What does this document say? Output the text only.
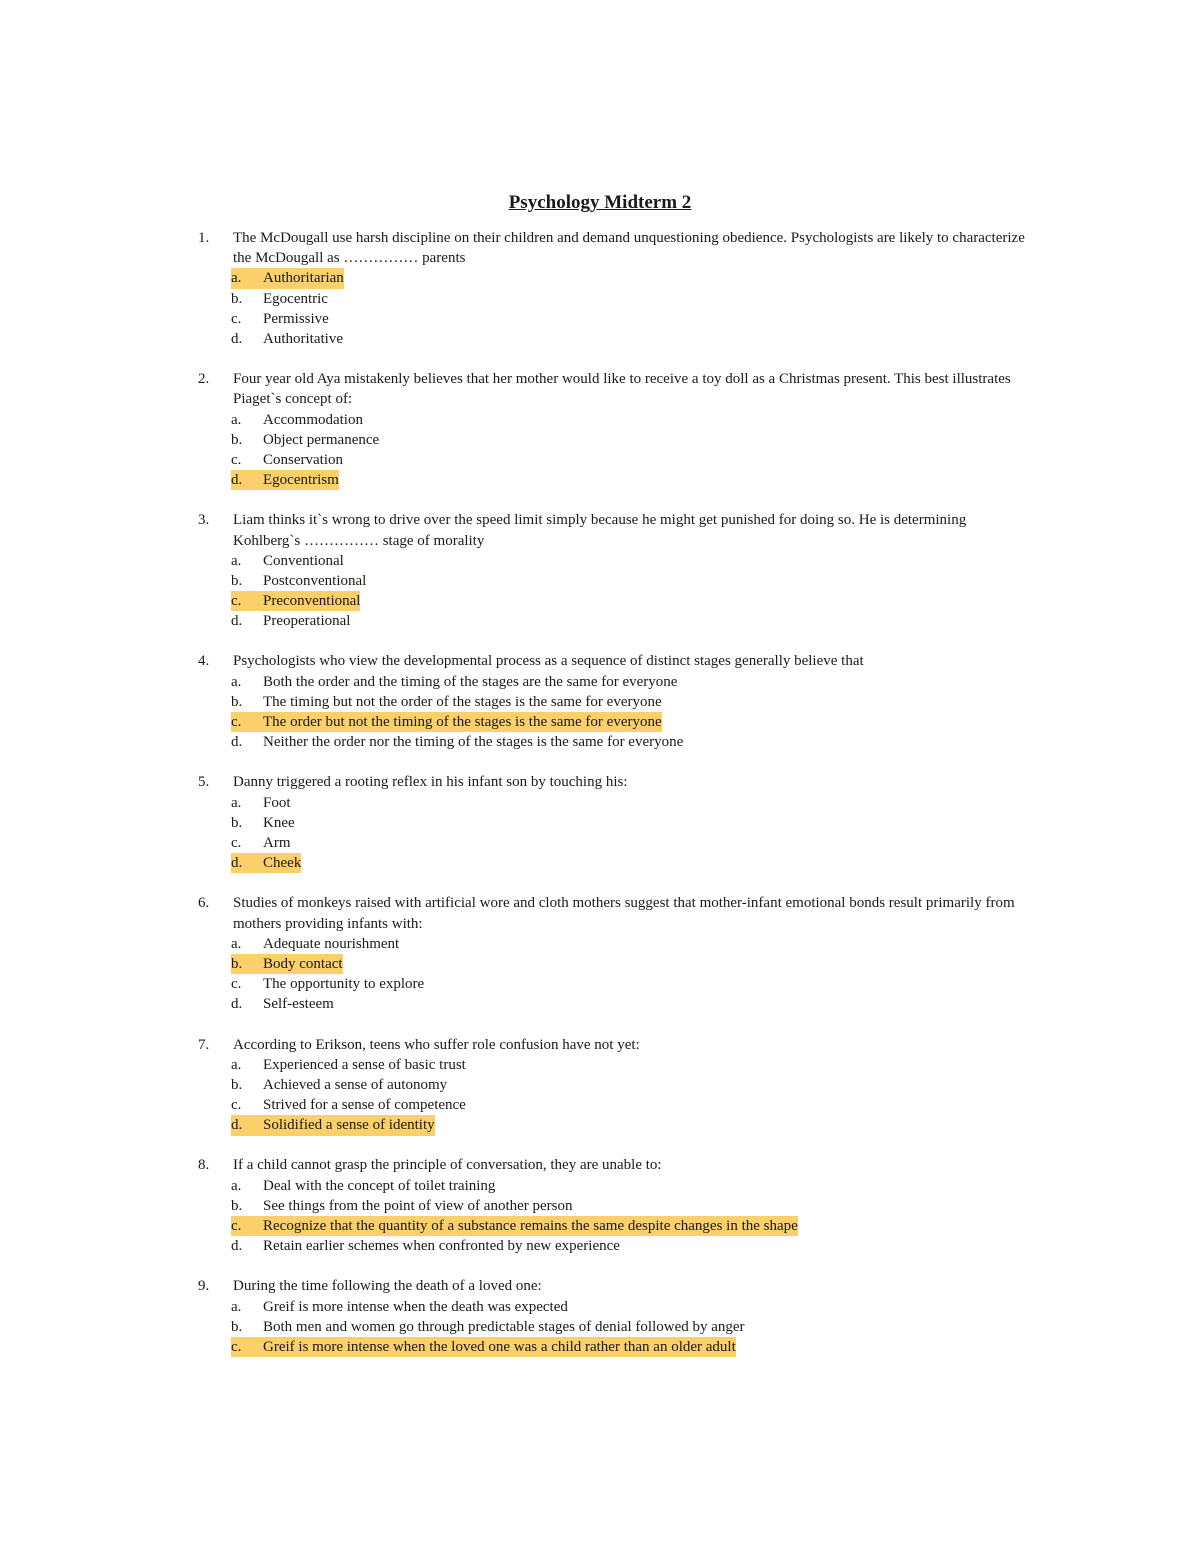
Psychology Midterm 2
1. The McDougall use harsh discipline on their children and demand unquestioning obedience. Psychologists are likely to characterize the McDougall as …………… parents
a. Authoritarian
b. Egocentric
c. Permissive
d. Authoritative
2. Four year old Aya mistakenly believes that her mother would like to receive a toy doll as a Christmas present. This best illustrates Piaget`s concept of:
a. Accommodation
b. Object permanence
c. Conservation
d. Egocentrism
3. Liam thinks it`s wrong to drive over the speed limit simply because he might get punished for doing so. He is determining Kohlberg`s …………… stage of morality
a. Conventional
b. Postconventional
c. Preconventional
d. Preoperational
4. Psychologists who view the developmental process as a sequence of distinct stages generally believe that
a. Both the order and the timing of the stages are the same for everyone
b. The timing but not the order of the stages is the same for everyone
c. The order but not the timing of the stages is the same for everyone
d. Neither the order nor the timing of the stages is the same for everyone
5. Danny triggered a rooting reflex in his infant son by touching his:
a. Foot
b. Knee
c. Arm
d. Cheek
6. Studies of monkeys raised with artificial wore and cloth mothers suggest that mother-infant emotional bonds result primarily from mothers providing infants with:
a. Adequate nourishment
b. Body contact
c. The opportunity to explore
d. Self-esteem
7. According to Erikson, teens who suffer role confusion have not yet:
a. Experienced a sense of basic trust
b. Achieved a sense of autonomy
c. Strived for a sense of competence
d. Solidified a sense of identity
8. If a child cannot grasp the principle of conversation, they are unable to:
a. Deal with the concept of toilet training
b. See things from the point of view of another person
c. Recognize that the quantity of a substance remains the same despite changes in the shape
d. Retain earlier schemes when confronted by new experience
9. During the time following the death of a loved one:
a. Greif is more intense when the death was expected
b. Both men and women go through predictable stages of denial followed by anger
c. Greif is more intense when the loved one was a child rather than an older adult
